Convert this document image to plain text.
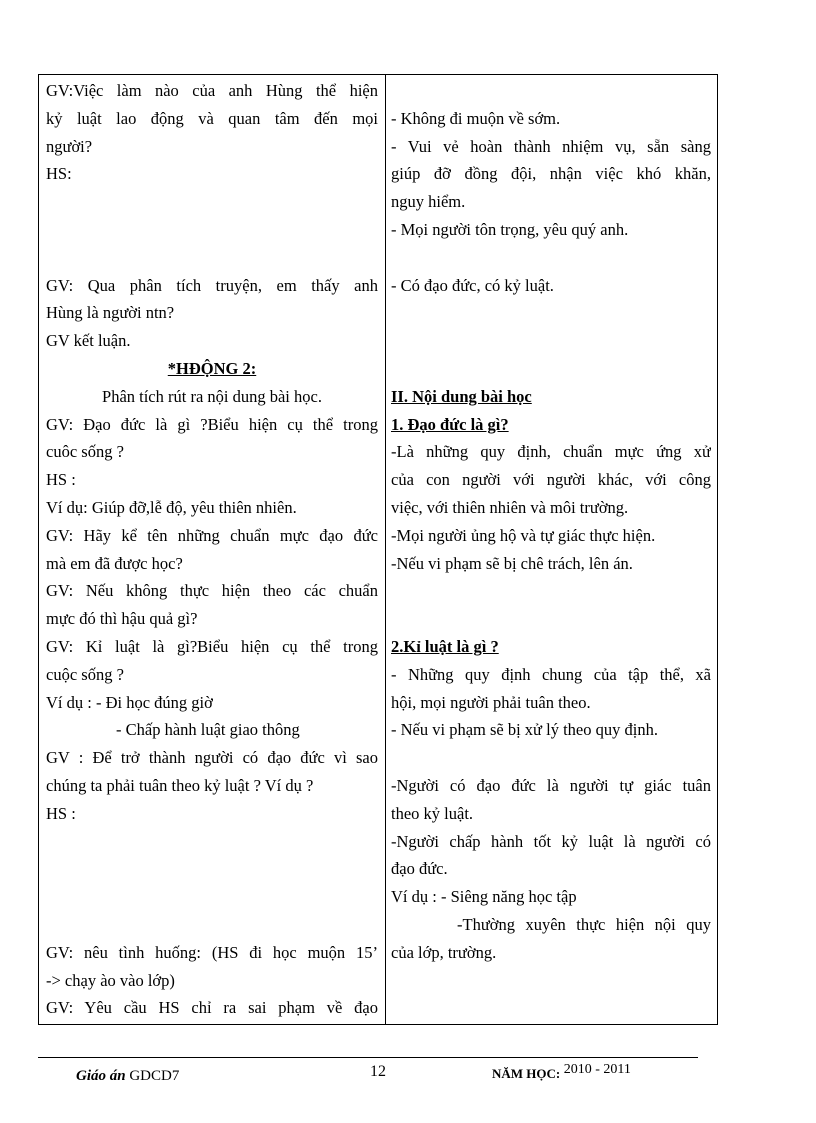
GV:Việc làm nào của anh Hùng thể hiện
kỷ luật lao động và quan tâm đến mọi
người?
HS:
GV: Qua phân tích truyện, em thấy anh
Hùng là người ntn?
GV kết luận.
*HĐỘNG 2:
Phân tích rút ra nội dung bài học.
GV: Đạo đức là gì ?Biểu hiện cụ thể trong
cuôc sống ?
HS :
Ví dụ: Giúp đỡ,lễ độ, yêu thiên nhiên.
GV: Hãy kể tên những chuẩn mực đạo đức
mà em đã được học?
GV: Nếu không thực hiện theo các chuẩn
mực đó thì hậu quả gì?
GV: Kỉ luật là gì?Biểu hiện cụ thể trong
cuộc sống ?
Ví dụ : - Đi học đúng giờ
- Chấp hành luật giao thông
GV : Để trở thành người có đạo đức vì sao
chúng ta phải tuân theo kỷ luật ? Ví dụ ?
HS :
GV: nêu tình huống: (HS đi học muộn 15’
-> chạy ào vào lớp)
GV: Yêu cầu HS chỉ ra sai phạm về đạo
- Không đi muộn về sớm.
- Vui vẻ hoàn thành nhiệm vụ, sẵn sàng
giúp đỡ đồng đội, nhận việc khó khăn,
nguy hiểm.
- Mọi người tôn trọng, yêu quý anh.
- Có đạo đức, có kỷ luật.
II. Nội dung bài học
1. Đạo đức là gì?
-Là những quy định, chuẩn mực ứng xử
của con người với người khác, với công
việc, với thiên nhiên và môi trường.
-Mọi người ủng hộ và tự giác thực hiện.
-Nếu vi phạm sẽ bị chê trách, lên án.
2.Kỉ luật là gì ?
- Những quy định chung của tập thể, xã
hội, mọi người phải tuân theo.
- Nếu vi phạm sẽ bị xử lý theo quy định.
-Người có đạo đức là người tự giác tuân
theo kỷ luật.
-Người chấp hành tốt kỷ luật là người có
đạo đức.
Ví dụ : - Siêng năng học tập
-Thường xuyên thực hiện nội quy
của lớp, trường.
Giáo án GDCD7	12	NĂM HỌC: 2010 - 2011
